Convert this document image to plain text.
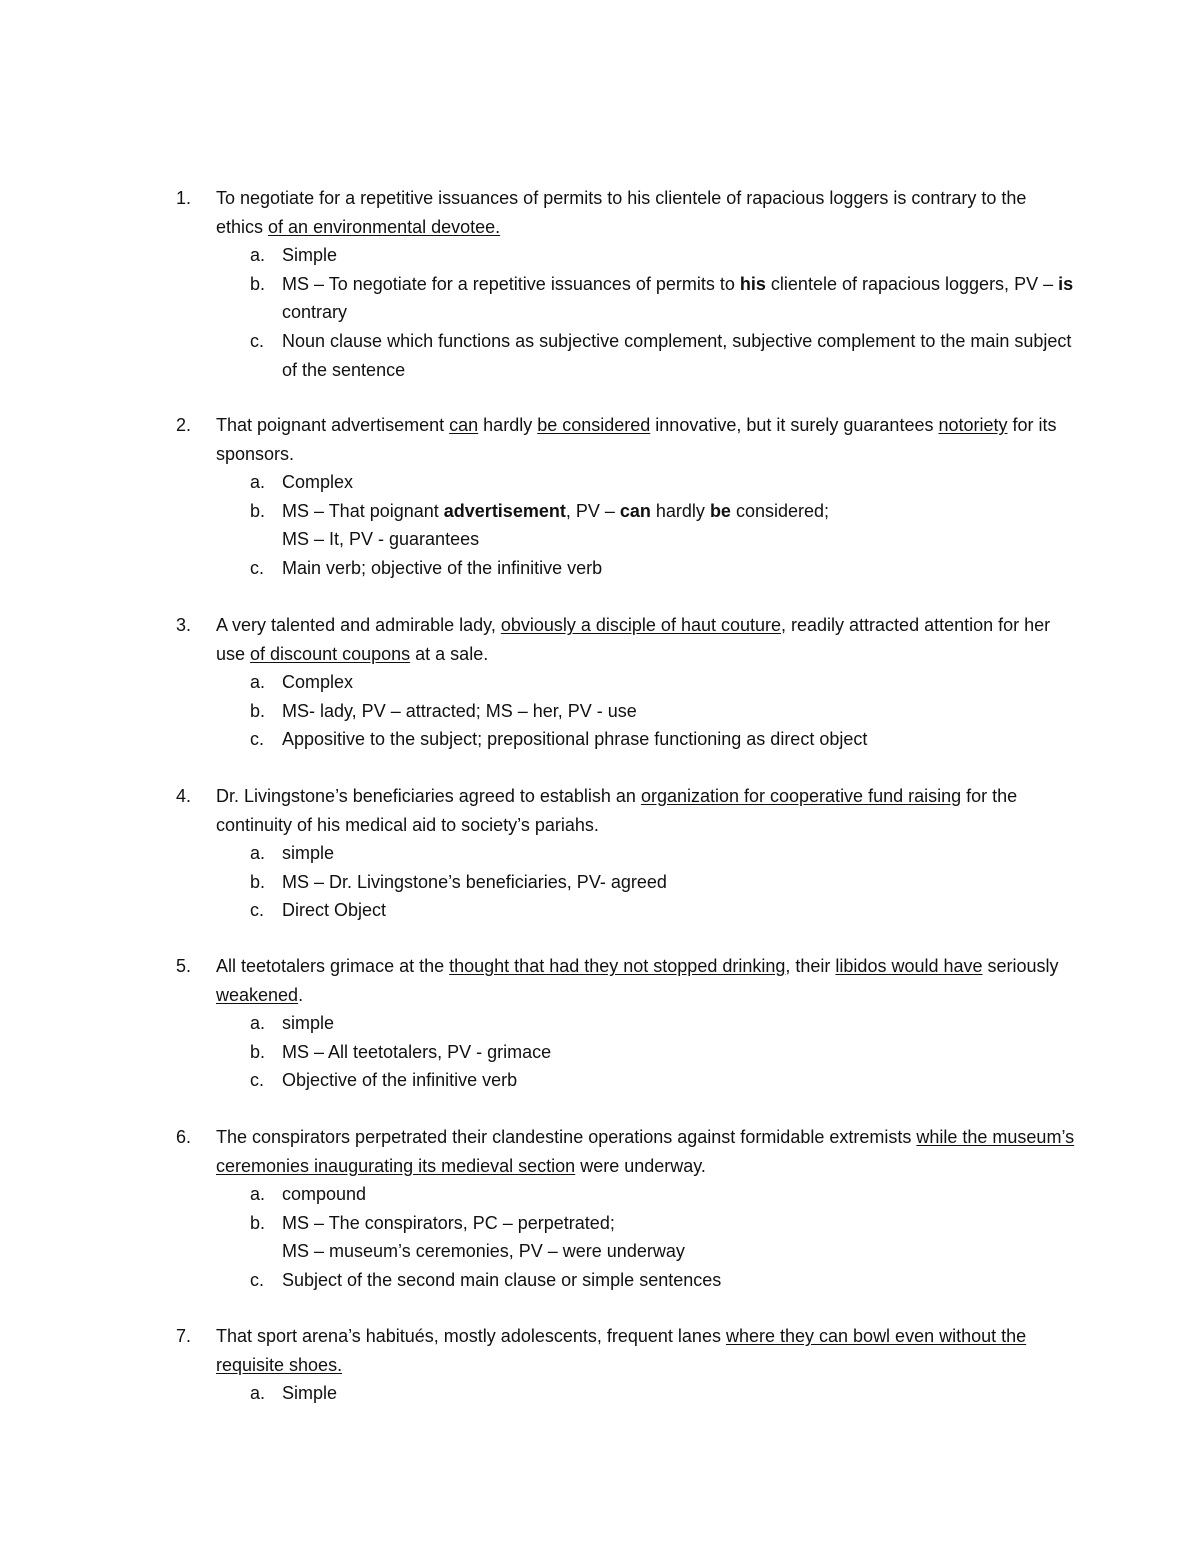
1.	To negotiate for a repetitive issuances of permits to his clientele of rapacious loggers is contrary to the ethics of an environmental devotee.
a. Simple
b. MS – To negotiate for a repetitive issuances of permits to his clientele of rapacious loggers, PV – is contrary
c. Noun clause which functions as subjective complement, subjective complement to the main subject of the sentence
2.	That poignant advertisement can hardly be considered innovative, but it surely guarantees notoriety for its sponsors.
a. Complex
b. MS – That poignant advertisement, PV – can hardly be considered;
MS – It, PV - guarantees
c. Main verb; objective of the infinitive verb
3.	A very talented and admirable lady, obviously a disciple of haut couture, readily attracted attention for her use of discount coupons at a sale.
a. Complex
b. MS- lady, PV – attracted; MS – her, PV - use
c. Appositive to the subject; prepositional phrase functioning as direct object
4.	Dr. Livingstone’s beneficiaries agreed to establish an organization for cooperative fund raising for the continuity of his medical aid to society’s pariahs.
a. simple
b. MS – Dr. Livingstone’s beneficiaries, PV- agreed
c. Direct Object
5.	All teetotalers grimace at the thought that had they not stopped drinking, their libidos would have seriously weakened.
a. simple
b. MS – All teetotalers, PV - grimace
c. Objective of the infinitive verb
6.	The conspirators perpetrated their clandestine operations against formidable extremists while the museum’s ceremonies inaugurating its medieval section were underway.
a. compound
b. MS – The conspirators, PC – perpetrated;
MS – museum’s ceremonies, PV – were underway
c. Subject of the second main clause or simple sentences
7.	That sport arena’s habitués, mostly adolescents, frequent lanes where they can bowl even without the requisite shoes.
a. Simple
